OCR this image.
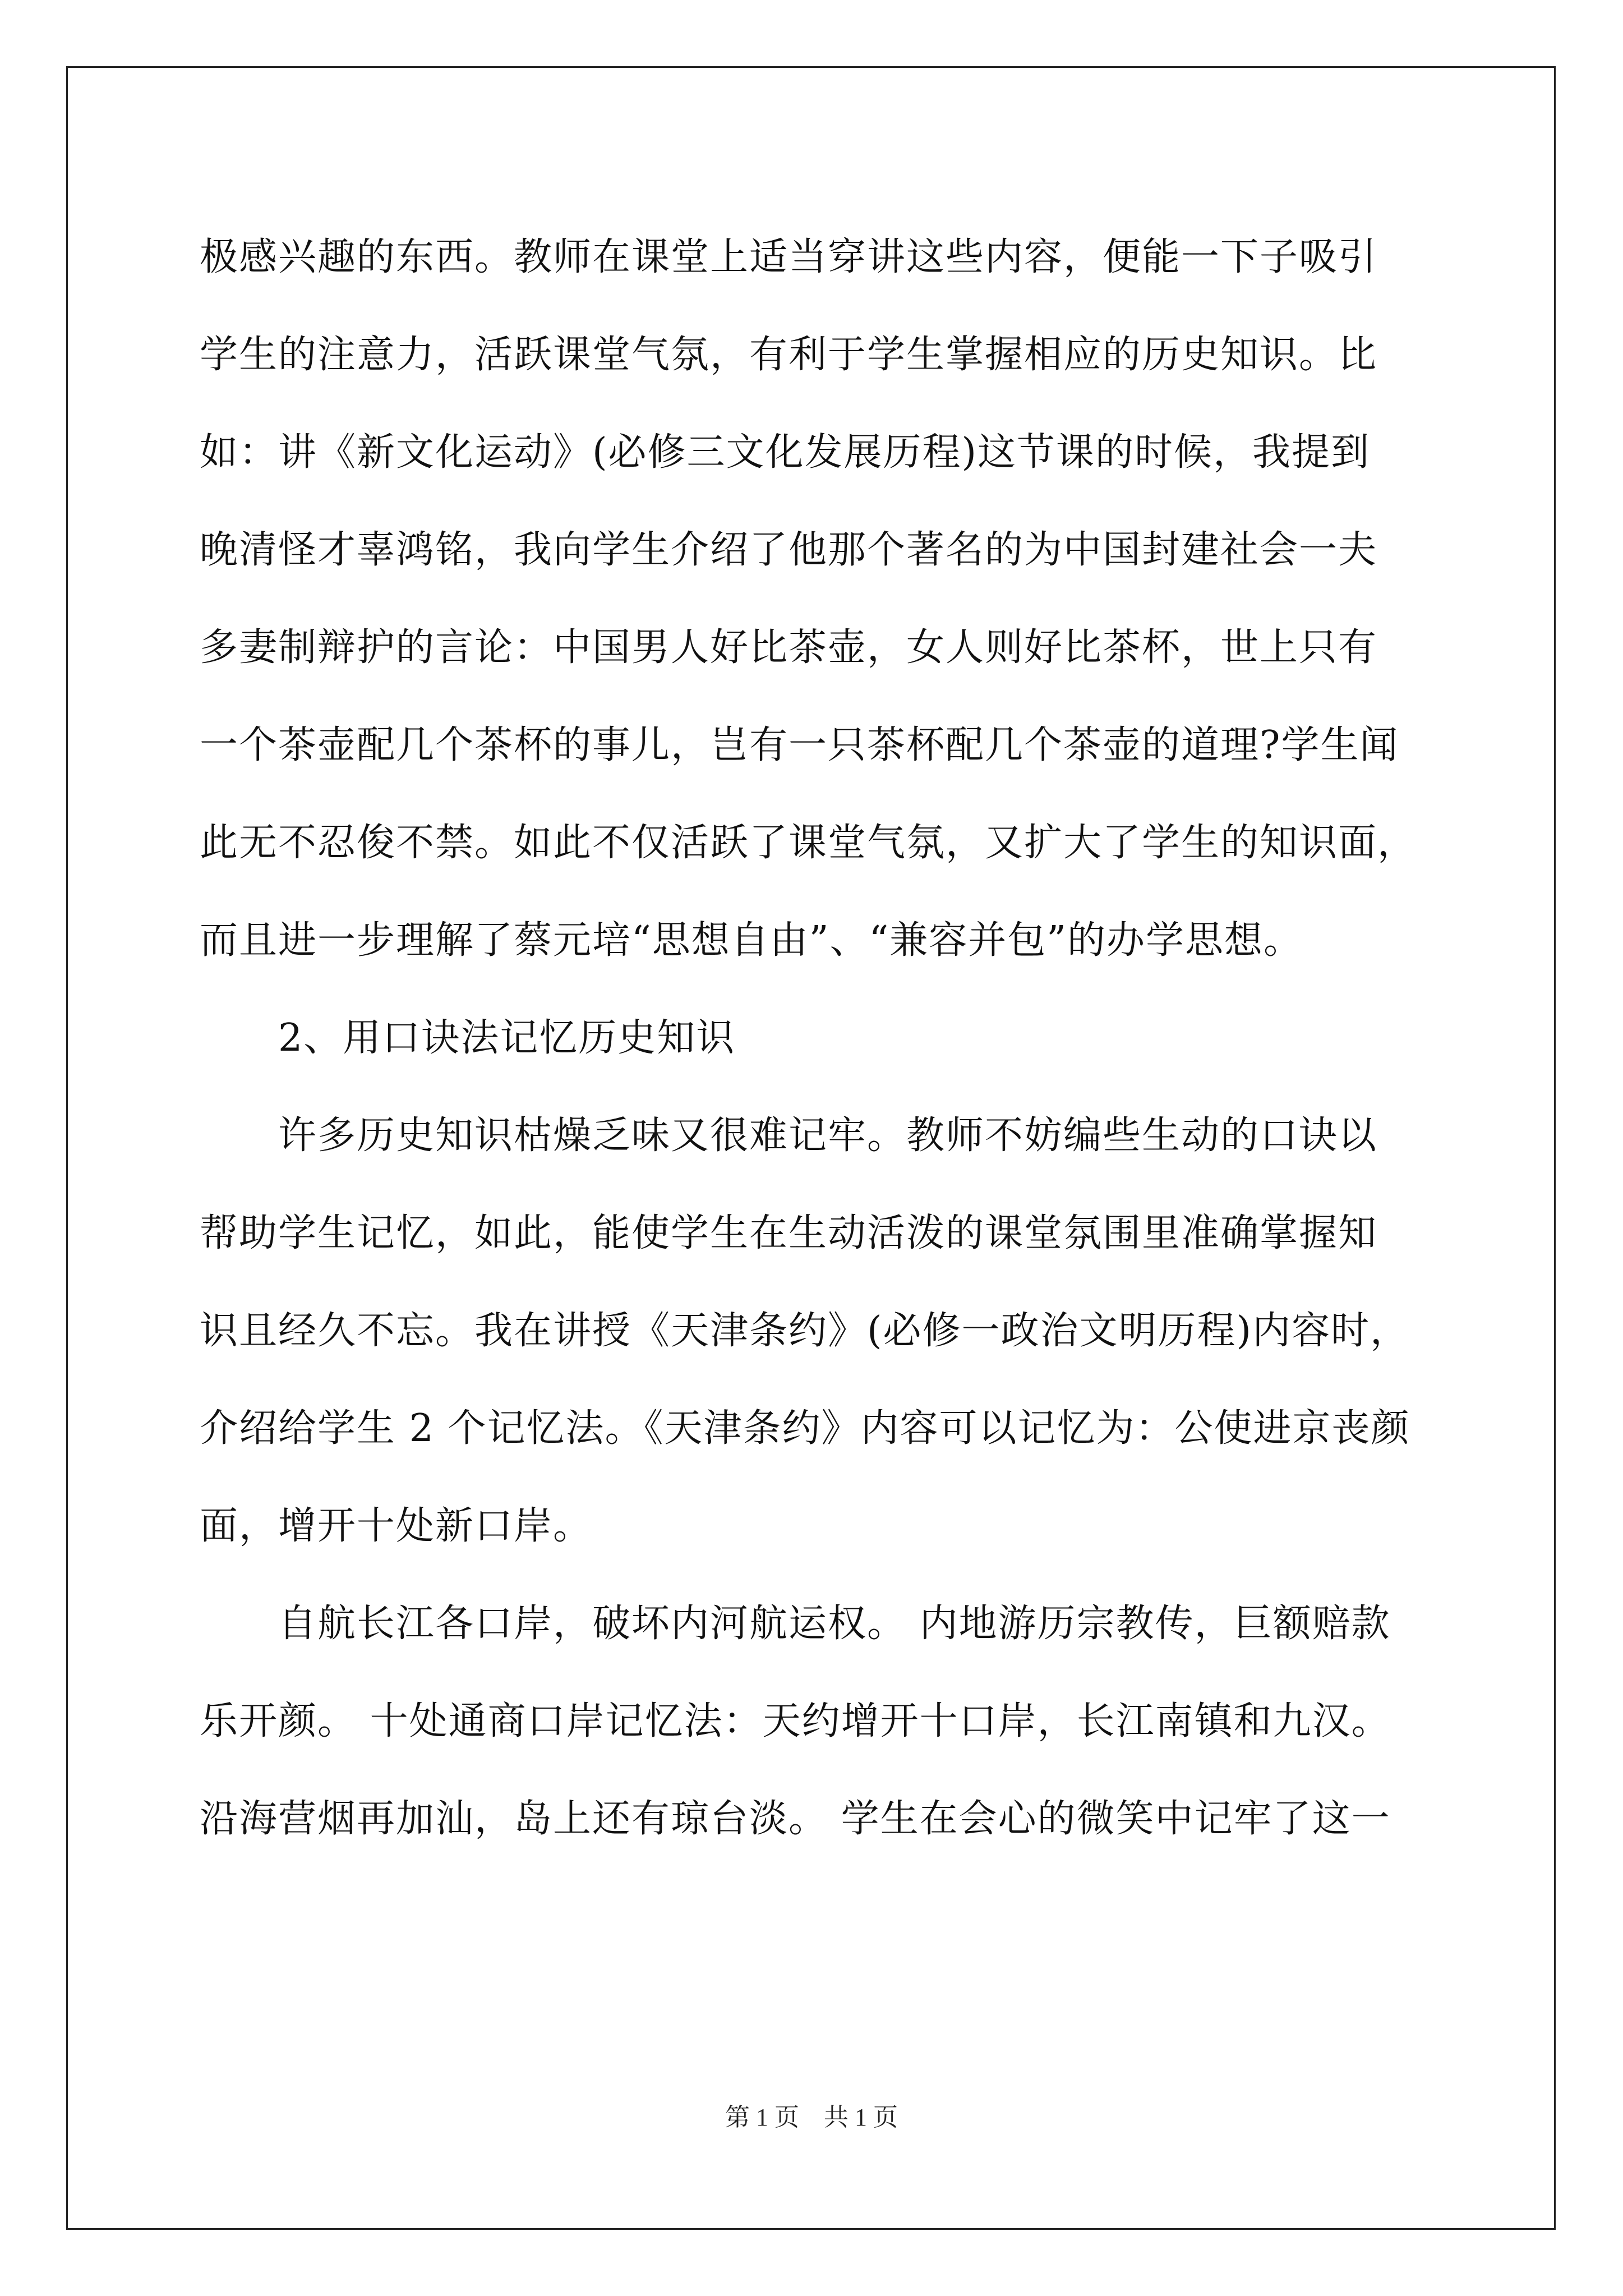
极感兴趣的东西。教师在课堂上适当穿讲这些内容，便能一下子吸引
学生的注意力，活跃课堂气氛，有利于学生掌握相应的历史知识。比
如：讲《新文化运动》(必修三文化发展历程)这节课的时候，我提到
晚清怪才辜鸿铭，我向学生介绍了他那个著名的为中国封建社会一夫
多妻制辩护的言论：中国男人好比茶壶，女人则好比茶杯，世上只有
一个茶壶配几个茶杯的事儿，岂有一只茶杯配几个茶壶的道理?学生闻
此无不忍俊不禁。如此不仅活跃了课堂气氛，又扩大了学生的知识面，
而且进一步理解了蔡元培“思想自由”、“兼容并包”的办学思想。
2、用口诀法记忆历史知识
许多历史知识枯燥乏味又很难记牢。教师不妨编些生动的口诀以
帮助学生记忆，如此，能使学生在生动活泼的课堂氛围里准确掌握知
识且经久不忘。我在讲授《天津条约》(必修一政治文明历程)内容时，
介绍给学生 2 个记忆法。《天津条约》内容可以记忆为：公使进京丧颜
面，增开十处新口岸。
自航长江各口岸，破坏内河航运权。 内地游历宗教传，巨额赔款
乐开颜。 十处通商口岸记忆法：天约增开十口岸，长江南镇和九汉。
沿海营烟再加汕，岛上还有琼台淡。 学生在会心的微笑中记牢了这一
第 1 页　共 1 页
